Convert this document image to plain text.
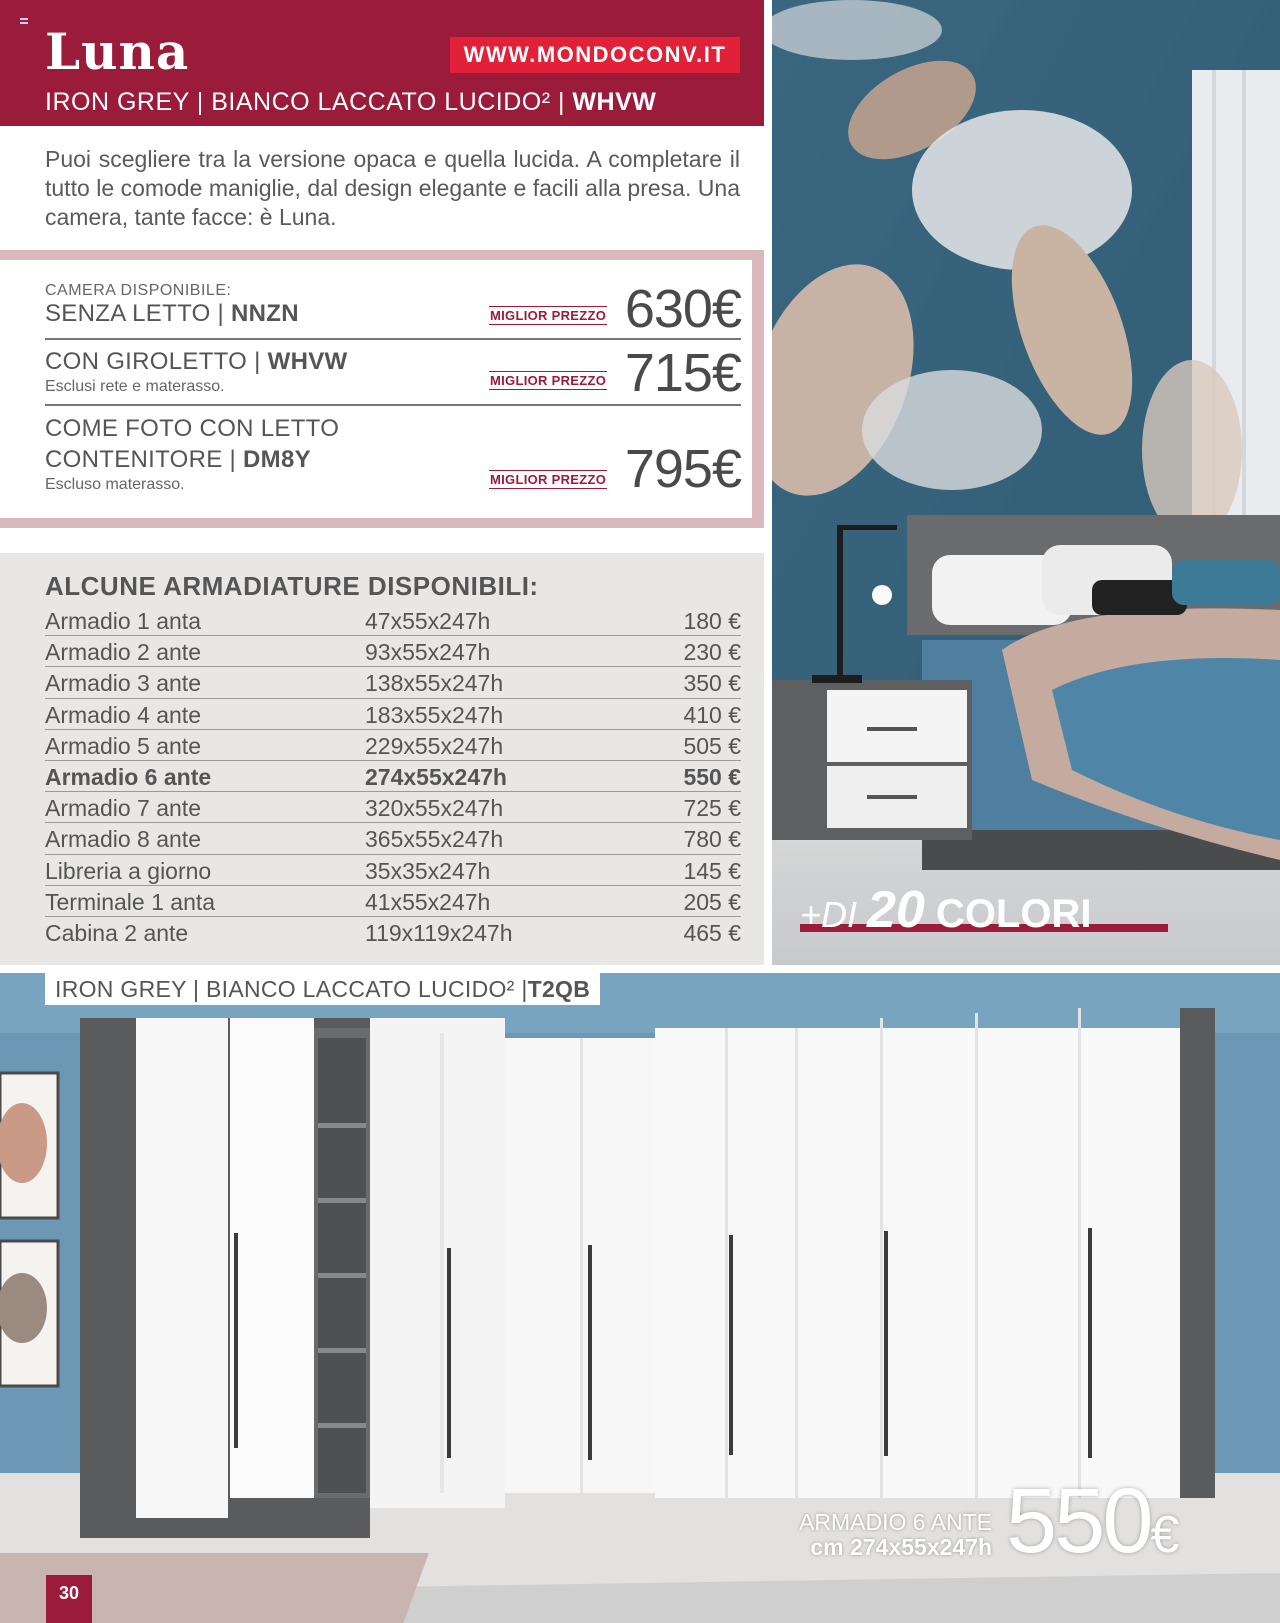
Luna	WWW.MONDOCONV.IT
IRON GREY | BIANCO LACCATO LUCIDO² | WHVW

Puoi scegliere tra la versione opaca e quella lucida. A completare il tutto le comode maniglie, dal design elegante e facili alla presa. Una camera, tante facce: è Luna.

CAMERA DISPONIBILE:
SENZA LETTO | NNZN	MIGLIOR PREZZO 630€
CON GIROLETTO | WHVW
Esclusi rete e materasso.	MIGLIOR PREZZO 715€
COME FOTO CON LETTO
CONTENITORE | DM8Y
Escluso materasso.	MIGLIOR PREZZO 795€
ALCUNE ARMADIATURE DISPONIBILI:
Armadio 1 anta	47x55x247h	180 €
Armadio 2 ante	93x55x247h	230 €
Armadio 3 ante	138x55x247h	350 €
Armadio 4 ante	183x55x247h	410 €
Armadio 5 ante	229x55x247h	505 €
Armadio 6 ante	274x55x247h	550 €
Armadio 7 ante	320x55x247h	725 €
Armadio 8 ante	365x55x247h	780 €
Libreria a giorno	35x35x247h	145 €
Terminale 1 anta	41x55x247h	205 €
Cabina 2 ante	119x119x247h	465 € +DI 20 COLORI
IRON GREY | BIANCO LACCATO LUCIDO² | T2QB
ARMADIO 6 ANTE
cm 274x55x247h 550€
30
